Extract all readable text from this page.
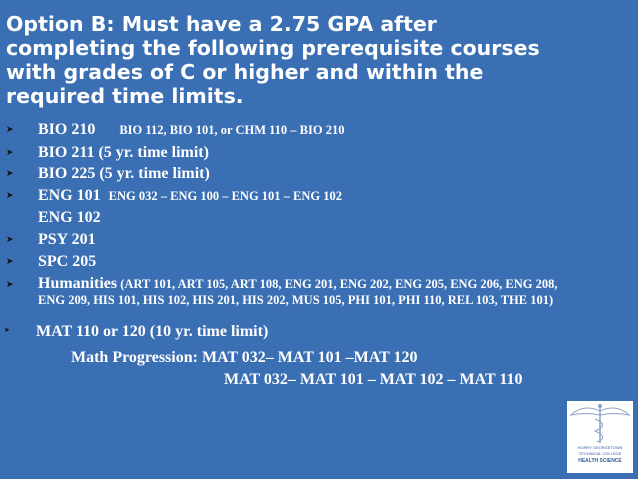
Option B: Must have a 2.75 GPA after completing the following prerequisite courses with grades of C or higher and within the required time limits.

➤ BIO 210 BIO 112, BIO 101, or CHM 110 – BIO 210
➤ BIO 211 (5 yr. time limit)
➤ BIO 225 (5 yr. time limit)
➤ ENG 101 ENG 032 – ENG 100 – ENG 101 – ENG 102
ENG 102
➤ PSY 201
➤ SPC 205
➤ Humanities (ART 101, ART 105, ART 108, ENG 201, ENG 202, ENG 205, ENG 206, ENG 208, ENG 209, HIS 101, HIS 102, HIS 201, HIS 202, MUS 105, PHI 101, PHI 110, REL 103, THE 101)
➤ MAT 110 or 120 (10 yr. time limit)
Math Progression: MAT 032– MAT 101 –MAT 120
MAT 032– MAT 101 – MAT 102 – MAT 110
HORRY GEORGETOWN
TECHNICAL COLLEGE
HEALTH SCIENCE
